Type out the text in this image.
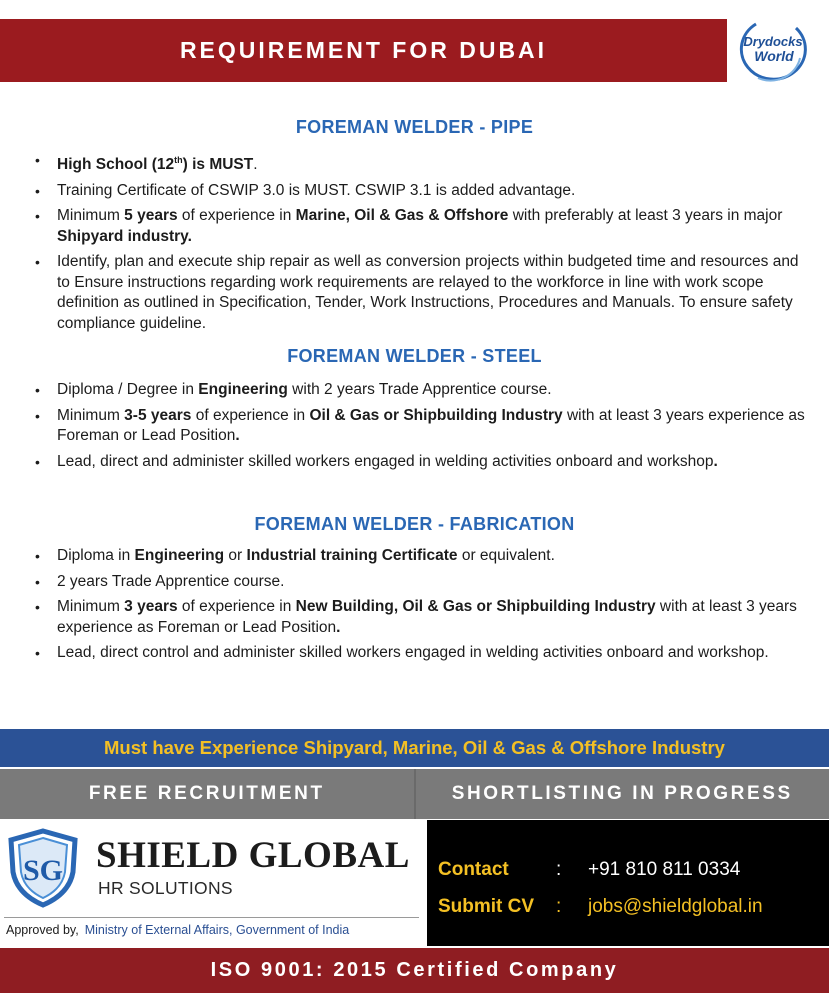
REQUIREMENT FOR DUBAI	Drydocks
World
FOREMAN WELDER - PIPE
• High School (12th) is MUST.
• Training Certificate of CSWIP 3.0 is MUST. CSWIP 3.1 is added advantage.
• Minimum 5 years of experience in Marine, Oil & Gas & Offshore with preferably at least 3 years in major Shipyard industry.
• Identify, plan and execute ship repair as well as conversion projects within budgeted time and resources and to Ensure instructions regarding work requirements are relayed to the workforce in line with work scope definition as outlined in Specification, Tender, Work Instructions, Procedures and Manuals. To ensure safety compliance guideline.
FOREMAN WELDER - STEEL
• Diploma / Degree in Engineering with 2 years Trade Apprentice course.
• Minimum 3-5 years of experience in Oil & Gas or Shipbuilding Industry with at least 3 years experience as Foreman or Lead Position.
• Lead, direct and administer skilled workers engaged in welding activities onboard and workshop.
FOREMAN WELDER - FABRICATION
• Diploma in Engineering or Industrial training Certificate or equivalent.
• 2 years Trade Apprentice course.
• Minimum 3 years of experience in New Building, Oil & Gas or Shipbuilding Industry with at least 3 years experience as Foreman or Lead Position.
• Lead, direct control and administer skilled workers engaged in welding activities onboard and workshop.
Must have Experience Shipyard, Marine, Oil & Gas & Offshore Industry
FREE RECRUITMENT	SHORTLISTING IN PROGRESS
SG SHIELD GLOBAL
HR SOLUTIONS
Approved by, Ministry of External Affairs, Government of India
Contact : +91 810 811 0334
Submit CV : jobs@shieldglobal.in
ISO 9001: 2015 Certified Company
